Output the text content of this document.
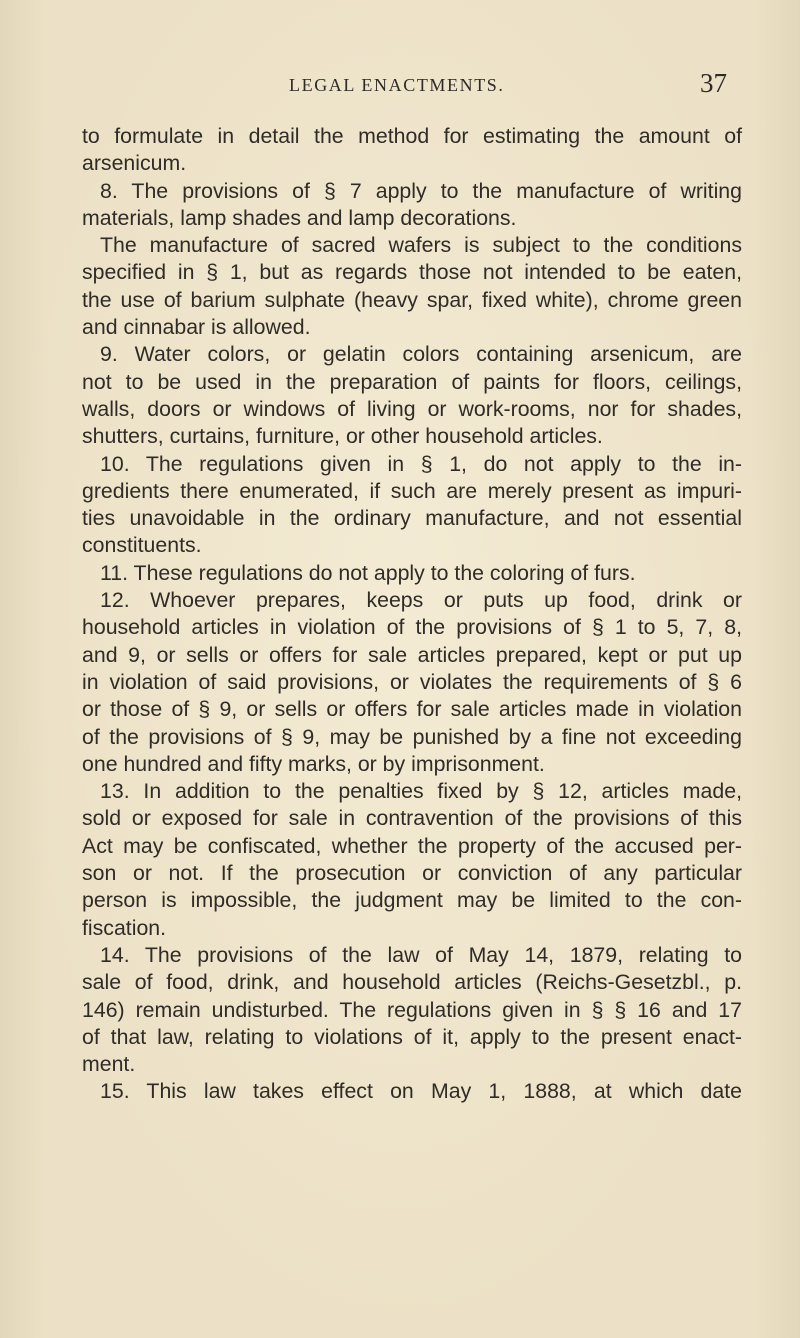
LEGAL ENACTMENTS.	37
to formulate in detail the method for estimating the amount of
arsenicum.
8. The provisions of § 7 apply to the manufacture of writing
materials, lamp shades and lamp decorations.
The manufacture of sacred wafers is subject to the conditions
specified in § 1, but as regards those not intended to be eaten,
the use of barium sulphate (heavy spar, fixed white), chrome green
and cinnabar is allowed.
9. Water colors, or gelatin colors containing arsenicum, are
not to be used in the preparation of paints for floors, ceilings,
walls, doors or windows of living or work-rooms, nor for shades,
shutters, curtains, furniture, or other household articles.
10. The regulations given in § 1, do not apply to the in-
gredients there enumerated, if such are merely present as impuri-
ties unavoidable in the ordinary manufacture, and not essential
constituents.
11. These regulations do not apply to the coloring of furs.
12. Whoever prepares, keeps or puts up food, drink or
household articles in violation of the provisions of § 1 to 5, 7, 8,
and 9, or sells or offers for sale articles prepared, kept or put up
in violation of said provisions, or violates the requirements of § 6
or those of § 9, or sells or offers for sale articles made in violation
of the provisions of § 9, may be punished by a fine not exceeding
one hundred and fifty marks, or by imprisonment.
13. In addition to the penalties fixed by § 12, articles made,
sold or exposed for sale in contravention of the provisions of this
Act may be confiscated, whether the property of the accused per-
son or not. If the prosecution or conviction of any particular
person is impossible, the judgment may be limited to the con-
fiscation.
14. The provisions of the law of May 14, 1879, relating to
sale of food, drink, and household articles (Reichs-Gesetzbl., p.
146) remain undisturbed. The regulations given in § § 16 and 17
of that law, relating to violations of it, apply to the present enact-
ment.
15. This law takes effect on May 1, 1888, at which date
